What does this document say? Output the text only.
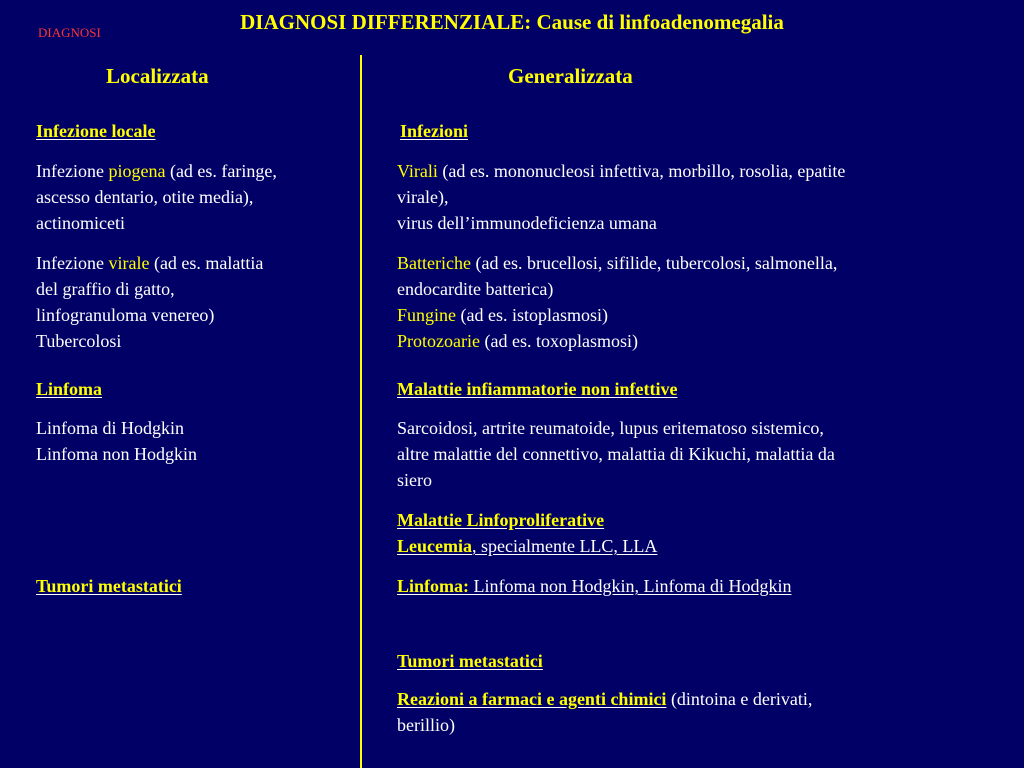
DIAGNOSI	DIAGNOSI DIFFERENZIALE: Cause di linfoadenomegalia
Localizzata	Generalizzata
Infezione locale
Infezione piogena (ad es. faringe,
ascesso dentario, otite media),
actinomiceti
Infezione virale (ad es. malattia
del graffio di gatto,
linfogranuloma venereo)
Tubercolosi
Linfoma
Linfoma di Hodgkin
Linfoma non Hodgkin
Tumori metastatici
Infezioni
Virali (ad es. mononucleosi infettiva, morbillo, rosolia, epatite
virale),
virus dell’immunodeficienza umana
Batteriche (ad es. brucellosi, sifilide, tubercolosi, salmonella,
endocardite batterica)
Fungine (ad es. istoplasmosi)
Protozoarie (ad es. toxoplasmosi)
Malattie infiammatorie non infettive
Sarcoidosi, artrite reumatoide, lupus eritematoso sistemico,
altre malattie del connettivo, malattia di Kikuchi, malattia da
siero
Malattie Linfoproliferative
Leucemia, specialmente LLC, LLA
Linfoma: Linfoma non Hodgkin, Linfoma di Hodgkin
Tumori metastatici
Reazioni a farmaci e agenti chimici (dintoina e derivati,
berillio)
